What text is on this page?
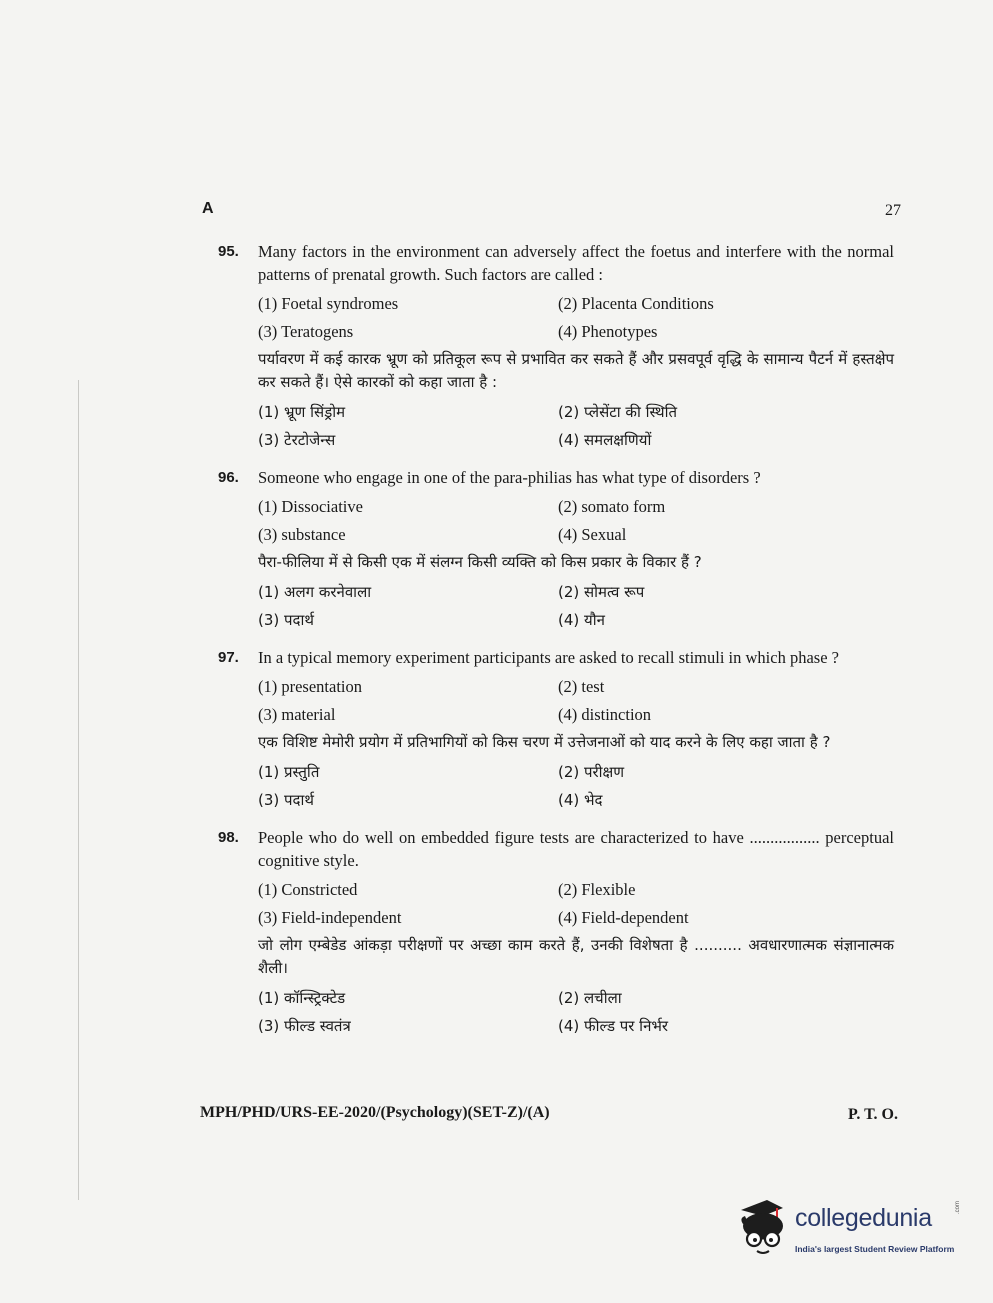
A	27
95. Many factors in the environment can adversely affect the foetus and interfere with the normal patterns of prenatal growth. Such factors are called :
(1) Foetal syndromes	(2) Placenta Conditions
(3) Teratogens	(4) Phenotypes
पर्यावरण में कई कारक भ्रूण को प्रतिकूल रूप से प्रभावित कर सकते हैं और प्रसवपूर्व वृद्धि के सामान्य पैटर्न में हस्तक्षेप कर सकते हैं। ऐसे कारकों को कहा जाता है :
(1) भ्रूण सिंड्रोम	(2) प्लेसेंटा की स्थिति
(3) टेरटोजेन्स	(4) समलक्षणियों
96. Someone who engage in one of the para-philias has what type of disorders ?
(1) Dissociative	(2) somato form
(3) substance	(4) Sexual
पैरा-फीलिया में से किसी एक में संलग्न किसी व्यक्ति को किस प्रकार के विकार हैं ?
(1) अलग करनेवाला	(2) सोमत्व रूप
(3) पदार्थ	(4) यौन
97. In a typical memory experiment participants are asked to recall stimuli in which phase ?
(1) presentation	(2) test
(3) material	(4) distinction
एक विशिष्ट मेमोरी प्रयोग में प्रतिभागियों को किस चरण में उत्तेजनाओं को याद करने के लिए कहा जाता है ?
(1) प्रस्तुति	(2) परीक्षण
(3) पदार्थ	(4) भेद
98. People who do well on embedded figure tests are characterized to have ................. perceptual cognitive style.
(1) Constricted	(2) Flexible
(3) Field-independent	(4) Field-dependent
जो लोग एम्बेडेड आंकड़ा परीक्षणों पर अच्छा काम करते हैं, उनकी विशेषता है .......... अवधारणात्मक संज्ञानात्मक शैली।
(1) कॉन्स्ट्रिक्टेड	(2) लचीला
(3) फील्ड स्वतंत्र	(4) फील्ड पर निर्भर
MPH/PHD/URS-EE-2020/(Psychology)(SET-Z)/(A)	P. T. O.
collegedunia	.com
India's largest Student Review Platform
